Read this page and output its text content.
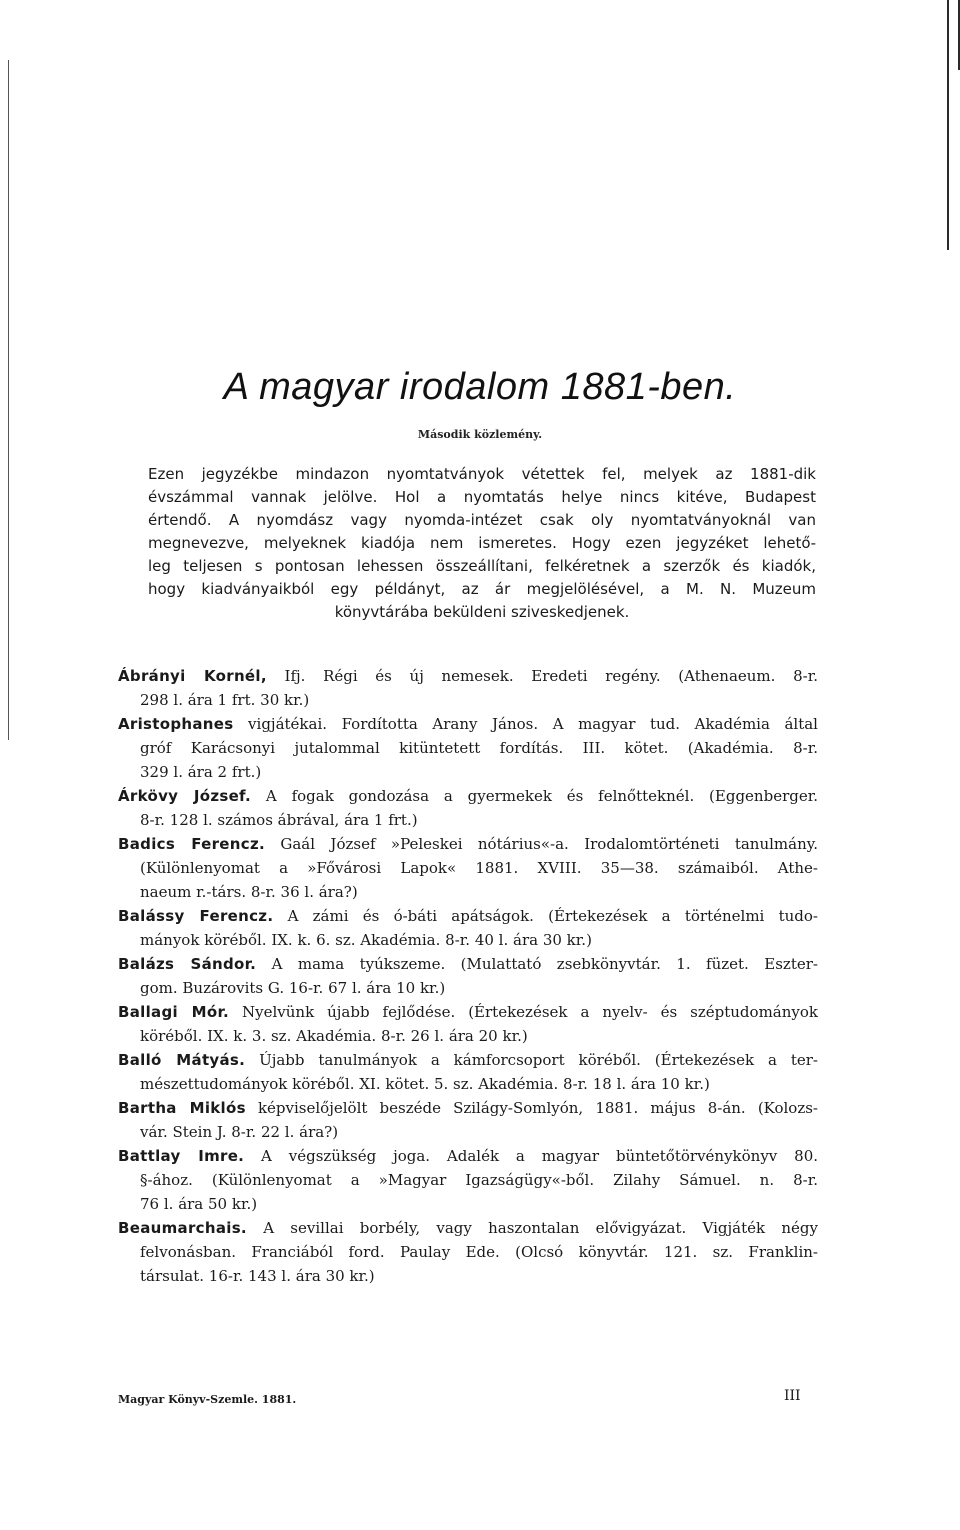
A magyar irodalom 1881-ben.
Második közlemény.
Ezen jegyzékbe mindazon nyomtatványok vétettek fel, melyek az 1881-dik
évszámmal vannak jelölve. Hol a nyomtatás helye nincs kitéve, Budapest
értendő. A nyomdász vagy nyomda-intézet csak oly nyomtatványoknál van
megnevezve, melyeknek kiadója nem ismeretes. Hogy ezen jegyzéket lehető-
leg teljesen s pontosan lehessen összeállítani, felkéretnek a szerzők és kiadók,
hogy kiadványaikból egy példányt, az ár megjelölésével, a M. N. Muzeum
könyvtárába beküldeni sziveskedjenek.
Ábrányi Kornél, Ifj. Régi és új nemesek. Eredeti regény. (Athenaeum. 8-r.
298 l. ára 1 frt. 30 kr.)
Aristophanes vigjátékai. Fordította Arany János. A magyar tud. Akadémia által
gróf Karácsonyi jutalommal kitüntetett fordítás. III. kötet. (Akadémia. 8-r.
329 l. ára 2 frt.)
Árkövy József. A fogak gondozása a gyermekek és felnőtteknél. (Eggenberger.
8-r. 128 l. számos ábrával, ára 1 frt.)
Badics Ferencz. Gaál József »Peleskei nótárius«-a. Irodalomtörténeti tanulmány.
(Különlenyomat a »Fővárosi Lapok« 1881. XVIII. 35—38. számaiból. Athe-
naeum r.-társ. 8-r. 36 l. ára?)
Balássy Ferencz. A zámi és ó-báti apátságok. (Értekezések a történelmi tudo-
mányok köréből. IX. k. 6. sz. Akadémia. 8-r. 40 l. ára 30 kr.)
Balázs Sándor. A mama tyúkszeme. (Mulattató zsebkönyvtár. 1. füzet. Eszter-
gom. Buzárovits G. 16-r. 67 l. ára 10 kr.)
Ballagi Mór. Nyelvünk újabb fejlődése. (Értekezések a nyelv- és széptudományok
köréből. IX. k. 3. sz. Akadémia. 8-r. 26 l. ára 20 kr.)
Balló Mátyás. Újabb tanulmányok a kámforcsoport köréből. (Értekezések a ter-
mészettudományok köréből. XI. kötet. 5. sz. Akadémia. 8-r. 18 l. ára 10 kr.)
Bartha Miklós képviselőjelölt beszéde Szilágy-Somlyón, 1881. május 8-án. (Kolozs-
vár. Stein J. 8-r. 22 l. ára?)
Battlay Imre. A végszükség joga. Adalék a magyar büntetőtörvénykönyv 80.
§-ához. (Különlenyomat a »Magyar Igazságügy«-ből. Zilahy Sámuel. n. 8-r.
76 l. ára 50 kr.)
Beaumarchais. A sevillai borbély, vagy haszontalan elővigyázat. Vigjáték négy
felvonásban. Franciából ford. Paulay Ede. (Olcsó könyvtár. 121. sz. Franklin-
társulat. 16-r. 143 l. ára 30 kr.)
Magyar Könyv-Szemle. 1881.	III
